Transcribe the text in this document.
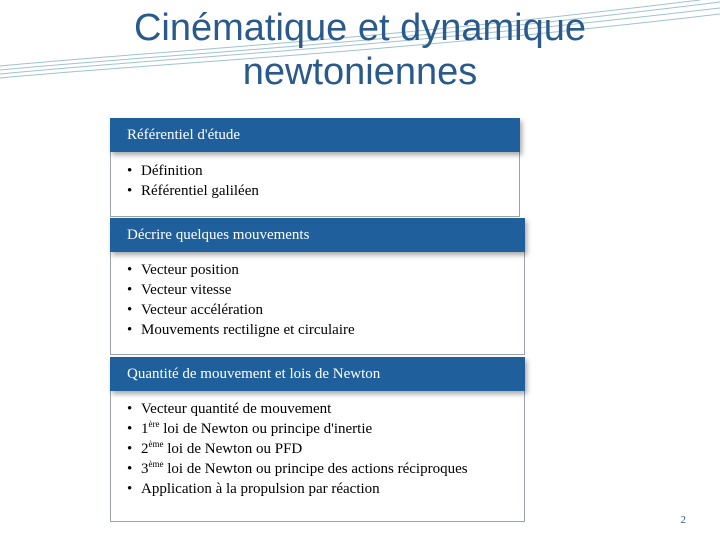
Cinématique et dynamique
newtoniennes
Référentiel d'étude
• Définition
• Référentiel galiléen
Décrire quelques mouvements
• Vecteur position
• Vecteur vitesse
• Vecteur accélération
• Mouvements rectiligne et circulaire
Quantité de mouvement et lois de Newton
• Vecteur quantité de mouvement
• 1ère loi de Newton ou principe d'inertie
• 2ème loi de Newton ou PFD
• 3ème loi de Newton ou principe des actions réciproques
• Application à la propulsion par réaction
2
